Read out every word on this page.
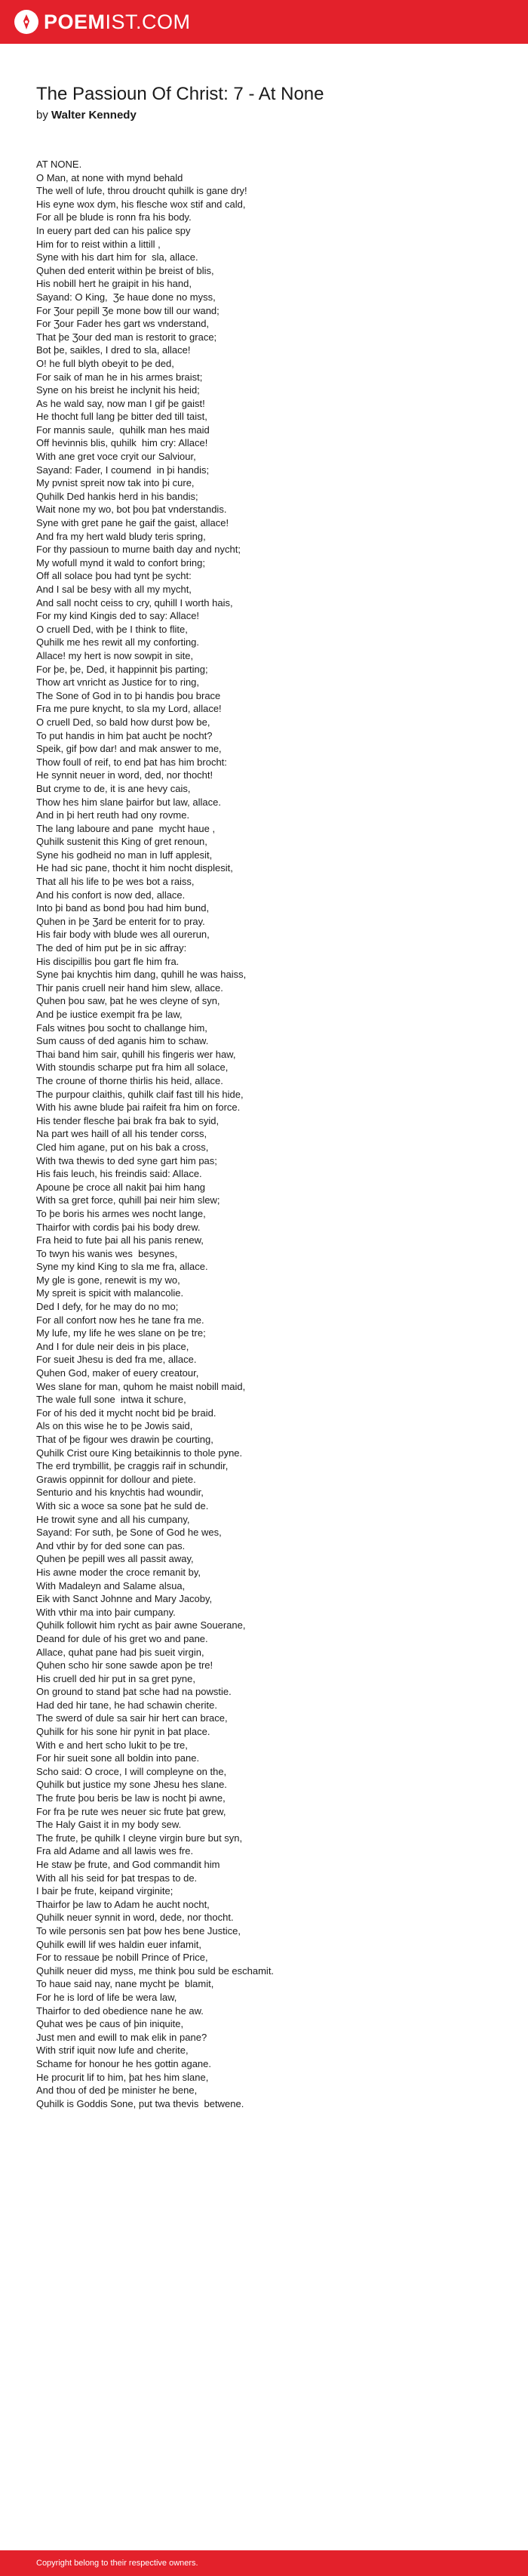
POEM IST.COM
The Passioun Of Christ: 7 - At None
by Walter Kennedy
AT NONE.
O Man, at none with mynd behald
The well of lufe, throu droucht quhilk is gane dry!
His eyne wox dym, his flesche wox stif and cald,
For all þe blude is ronn fra his body.
In euery part ded can his palice spy
Him for to reist within a littill ,
Syne with his dart him for  sla, allace.
Quhen ded enterit within þe breist of blis,
His nobill hert he graipit in his hand,
Sayand: O King,  Ʒe haue done no myss,
For Ʒour pepill Ʒe mone bow till our wand;
For Ʒour Fader hes gart ws vnderstand,
That þe Ʒour ded man is restorit to grace;
Bot þe, saikles, I dred to sla, allace!
O! he full blyth obeyit to þe ded,
For saik of man he in his armes braist;
Syne on his breist he inclynit his heid;
As he wald say, now man I gif þe gaist!
He thocht full lang þe bitter ded till taist,
For mannis saule,  quhilk man hes maid
Off hevinnis blis, quhilk  him cry: Allace!
With ane gret voce cryit our Salviour,
Sayand: Fader, I coumend  in þi handis;
My pvnist spreit now tak into þi cure,
Quhilk Ded hankis herd in his bandis;
Wait none my wo, bot þou þat vnderstandis.
Syne with gret pane he gaif the gaist, allace!
And fra my hert wald bludy teris spring,
For thy passioun to murne baith day and nycht;
My wofull mynd it wald to confort bring;
Off all solace þou had tynt þe sycht:
And I sal be besy with all my mycht,
And sall nocht ceiss to cry, quhill I worth hais,
For my kind Kingis ded to say: Allace!
O cruell Ded, with þe I think to flite,
Quhilk me hes rewit all my conforting.
Allace! my hert is now sowpit in site,
For þe, þe, Ded, it happinnit þis parting;
Thow art vnricht as Justice for to ring,
The Sone of God in to þi handis þou brace
Fra me pure knycht, to sla my Lord, allace!
O cruell Ded, so bald how durst þow be,
To put handis in him þat aucht þe nocht?
Speik, gif þow dar! and mak answer to me,
Thow foull of reif, to end þat has him brocht:
He synnit neuer in word, ded, nor thocht!
But cryme to de, it is ane hevy cais,
Thow hes him slane þairfor but law, allace.
And in þi hert reuth had ony rovme.
The lang laboure and pane  mycht haue ,
Quhilk sustenit this King of gret renoun,
Syne his godheid no man in luff applesit,
He had sic pane, thocht it him nocht displesit,
That all his life to þe wes bot a raiss,
And his confort is now ded, allace.
Into þi band as bond þou had him bund,
Quhen in þe Ʒard be enterit for to pray.
His fair body with blude wes all ourerun,
The ded of him put þe in sic affray:
His discipillis þou gart fle him fra.
Syne þai knychtis him dang, quhill he was haiss,
Thir panis cruell neir hand him slew, allace.
Quhen þou saw, þat he wes cleyne of syn,
And þe iustice exempit fra þe law,
Fals witnes þou socht to challange him,
Sum causs of ded aganis him to schaw.
Thai band him sair, quhill his fingeris wer haw,
With stoundis scharpe put fra him all solace,
The croune of thorne thirlis his heid, allace.
The purpour claithis, quhilk claif fast till his hide,
With his awne blude þai raifeit fra him on force.
His tender flesche þai brak fra bak to syid,
Na part wes haill of all his tender corss,
Cled him agane, put on his bak a cross,
With twa thewis to ded syne gart him pas;
His fais leuch, his freindis said: Allace.
Apoune þe croce all nakit þai him hang
With sa gret force, quhill þai neir him slew;
To þe boris his armes wes nocht lange,
Thairfor with cordis þai his body drew.
Fra heid to fute þai all his panis renew,
To twyn his wanis wes  besynes,
Syne my kind King to sla me fra, allace.
My gle is gone, renewit is my wo,
My spreit is spicit with malancolie.
Ded I defy, for he may do no mo;
For all confort now hes he tane fra me.
My lufe, my life he wes slane on þe tre;
And I for dule neir deis in þis place,
For sueit Jhesu is ded fra me, allace.
Quhen God, maker of euery creatour,
Wes slane for man, quhom he maist nobill maid,
The wale full sone  intwa it schure,
For of his ded it mycht nocht bid þe braid.
Als on this wise he to þe Jowis said,
That of þe figour wes drawin þe courting,
Quhilk Crist oure King betaikinnis to thole pyne.
The erd trymbillit, þe craggis raif in schundir,
Grawis oppinnit for dollour and piete.
Senturio and his knychtis had woundir,
With sic a woce sa sone þat he suld de.
He trowit syne and all his cumpany,
Sayand: For suth, þe Sone of God he wes,
And vthir by for ded sone can pas.
Quhen þe pepill wes all passit away,
His awne moder the croce remanit by,
With Madaleyn and Salame alsua,
Eik with Sanct Johnne and Mary Jacoby,
With vthir ma into þair cumpany.
Quhilk followit him rycht as þair awne Souerane,
Deand for dule of his gret wo and pane.
Allace, quhat pane had þis sueit virgin,
Quhen scho hir sone sawde apon þe tre!
His cruell ded hir put in sa gret pyne,
On ground to stand þat sche had na powstie.
Had ded hir tane, he had schawin cherite.
The swerd of dule sa sair hir hert can brace,
Quhilk for his sone hir pynit in þat place.
With e and hert scho lukit to þe tre,
For hir sueit sone all boldin into pane.
Scho said: O croce, I will compleyne on the,
Quhilk but justice my sone Jhesu hes slane.
The frute þou beris be law is nocht þi awne,
For fra þe rute wes neuer sic frute þat grew,
The Haly Gaist it in my body sew.
The frute, þe quhilk I cleyne virgin bure but syn,
Fra ald Adame and all lawis wes fre.
He staw þe frute, and God commandit him
With all his seid for þat trespas to de.
I bair þe frute, keipand virginite;
Thairfor þe law to Adam he aucht nocht,
Quhilk neuer synnit in word, dede, nor thocht.
To wile personis sen þat þow hes bene Justice,
Quhilk ewill lif wes haldin euer infamit,
For to ressaue þe nobill Prince of Price,
Quhilk neuer did myss, me think þou suld be eschamit.
To haue said nay, nane mycht þe  blamit,
For he is lord of life be wera law,
Thairfor to ded obedience nane he aw.
Quhat wes þe caus of þin iniquite,
Just men and ewill to mak elik in pane?
With strif iquit now lufe and cherite,
Schame for honour he hes gottin agane.
He procurit lif to him, þat hes him slane,
And thou of ded þe minister he bene,
Quhilk is Goddis Sone, put twa thevis  betwene.
Copyright belong to their respective owners.
